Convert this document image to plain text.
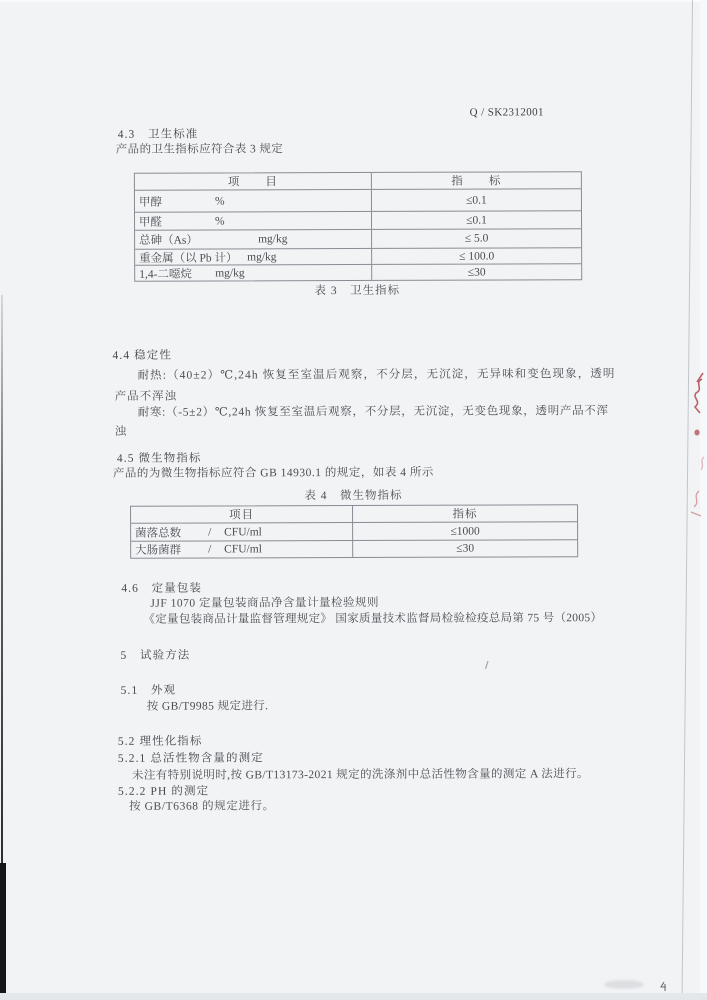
Q / SK2312001
4.3　卫生标准
产品的卫生指标应符合表 3 规定
项　　目	指　　标
甲醇	%	≤0.1
甲醛	%	≤0.1
总砷（As）	mg/kg	≤ 5.0
重金属（以 Pb 计） mg/kg	≤ 100.0
1,4-二噁烷 mg/kg	≤30
表 3　卫生指标
4.4 稳定性
耐热:（40±2）℃,24h 恢复至室温后观察，不分层，无沉淀，无异味和变色现象，透明
产品不浑浊
耐寒:（-5±2）℃,24h 恢复至室温后观察，不分层，无沉淀，无变色现象，透明产品不浑
浊
4.5 微生物指标
产品的为微生物指标应符合 GB 14930.1 的规定，如表 4 所示
表 4　微生物指标
项目	指标
菌落总数 / CFU/ml	≤1000
大肠菌群 / CFU/ml	≤30
4.6　定量包装
JJF 1070 定量包装商品净含量计量检验规则
《定量包装商品计量监督管理规定》 国家质量技术监督局检验检疫总局第 75 号（2005）
5　试验方法
5.1　外观
按 GB/T9985 规定进行.
5.2 理性化指标
5.2.1 总活性物含量的测定
未注有特别说明时,按 GB/T13173-2021 规定的洗涤剂中总活性物含量的测定 A 法进行。
5.2.2 PH 的测定
按 GB/T6368 的规定进行。
